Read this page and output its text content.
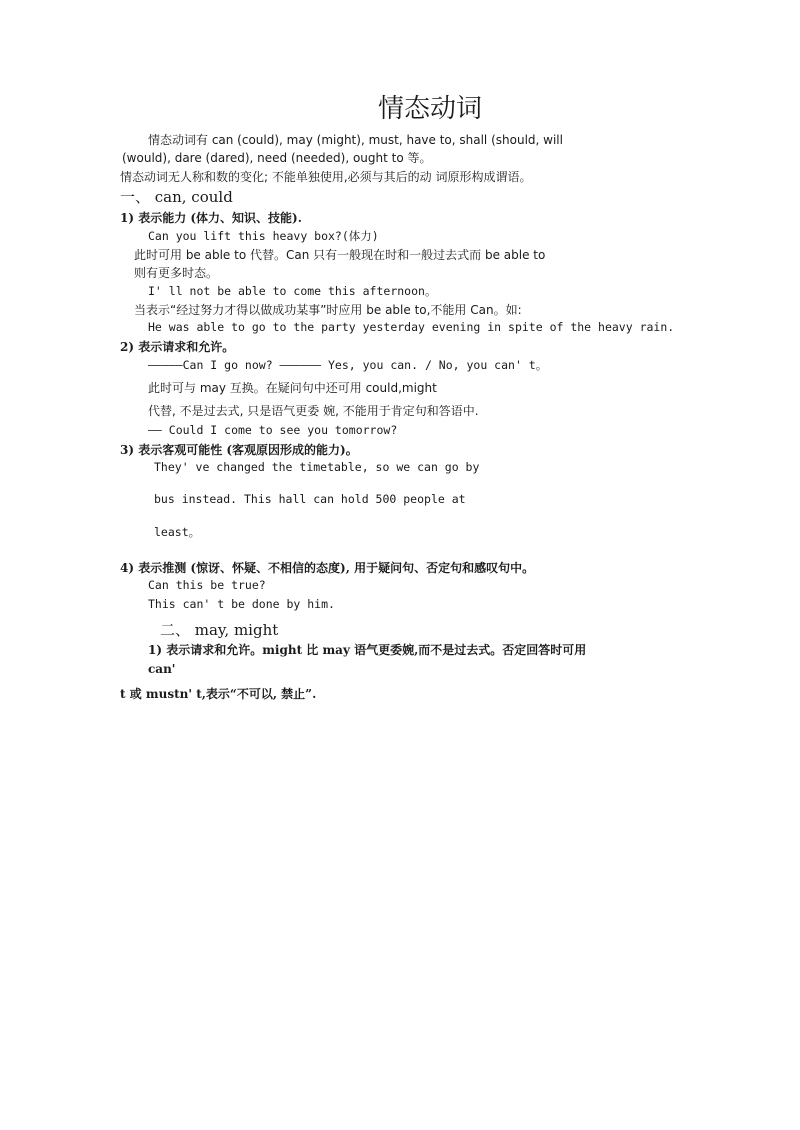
情态动词
情态动词有 can (could), may (might), must, have to, shall (should, will
(would), dare (dared), need (needed), ought to 等。
情态动词无人称和数的变化; 不能单独使用,必须与其后的动 词原形构成谓语。
一、 can, could
1) 表示能力 (体力、知识、技能).
Can you lift this heavy box?(体力)
此时可用 be able to 代替。Can 只有一般现在时和一般过去式而 be able to
则有更多时态。
I' ll not be able to come this afternoon。
当表示“经过努力才得以做成功某事”时应用 be able to,不能用 Can。如:
He was able to go to the party yesterday evening in spite of the heavy rain.
2) 表示请求和允许。
—————Can I go now? —————— Yes, you can. / No, you can' t。
此时可与 may 互换。在疑问句中还可用 could,might
代替, 不是过去式, 只是语气更委 婉, 不能用于肯定句和答语中.
—— Could I come to see you tomorrow?
3) 表示客观可能性 (客观原因形成的能力)。
They' ve changed the timetable, so we can go by
bus instead. This hall can hold 500 people at
least。
4) 表示推测 (惊讶、怀疑、不相信的态度), 用于疑问句、否定句和感叹句中。
Can this be true?
This can' t be done by him.
二、 may, might
1) 表示请求和允许。might 比 may 语气更委婉,而不是过去式。否定回答时可用
can'
t 或 mustn' t,表示“不可以, 禁止”.
